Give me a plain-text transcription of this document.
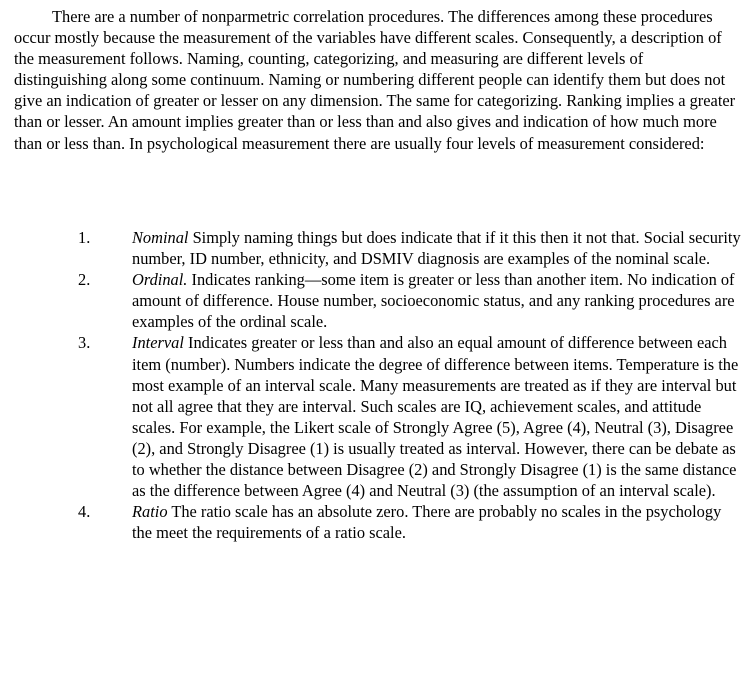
There are a number of nonparmetric correlation procedures. The differences among these procedures occur mostly because the measurement of the variables have different scales. Consequently, a description of the measurement follows. Naming, counting, categorizing, and measuring are different levels of distinguishing along some continuum. Naming or numbering different people can identify them but does not give an indication of greater or lesser on any dimension. The same for categorizing. Ranking implies a greater than or lesser. An amount implies greater than or less than and also gives and indication of how much more than or less than. In psychological measurement there are usually four levels of measurement considered:

1.	Nominal Simply naming things but does indicate that if it this then it not that. Social security number, ID number, ethnicity, and DSMIV diagnosis are examples of the nominal scale.
2.	Ordinal. Indicates ranking—some item is greater or less than another item. No indication of amount of difference. House number, socioeconomic status, and any ranking procedures are examples of the ordinal scale.
3.	Interval Indicates greater or less than and also an equal amount of difference between each item (number). Numbers indicate the degree of difference between items. Temperature is the most example of an interval scale. Many measurements are treated as if they are interval but not all agree that they are interval. Such scales are IQ, achievement scales, and attitude scales. For example, the Likert scale of Strongly Agree (5), Agree (4), Neutral (3), Disagree (2), and Strongly Disagree (1) is usually treated as interval. However, there can be debate as to whether the distance between Disagree (2) and Strongly Disagree (1) is the same distance as the difference between Agree (4) and Neutral (3) (the assumption of an interval scale).
4.	Ratio The ratio scale has an absolute zero. There are probably no scales in the psychology the meet the requirements of a ratio scale.
